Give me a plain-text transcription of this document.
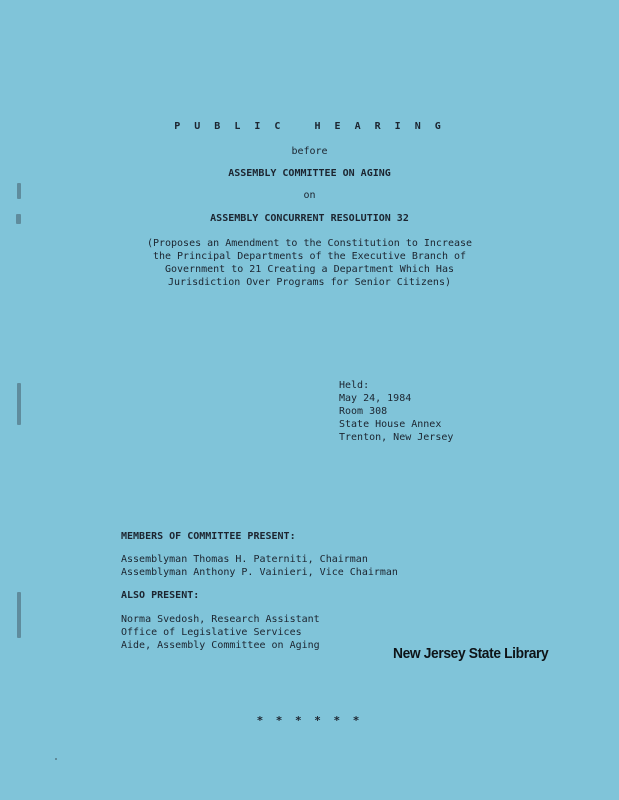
P U B L I C   H E A R I N G
before
ASSEMBLY COMMITTEE ON AGING
on
ASSEMBLY CONCURRENT RESOLUTION 32
(Proposes an Amendment to the Constitution to Increase
the Principal Departments of the Executive Branch of
Government to 21 Creating a Department Which Has
Jurisdiction Over Programs for Senior Citizens)
Held:
May 24, 1984
Room 308
State House Annex
Trenton, New Jersey
MEMBERS OF COMMITTEE PRESENT:
Assemblyman Thomas H. Paterniti, Chairman
Assemblyman Anthony P. Vainieri, Vice Chairman
ALSO PRESENT:
Norma Svedosh, Research Assistant
Office of Legislative Services
Aide, Assembly Committee on Aging	New Jersey State Library
* * * * * *
